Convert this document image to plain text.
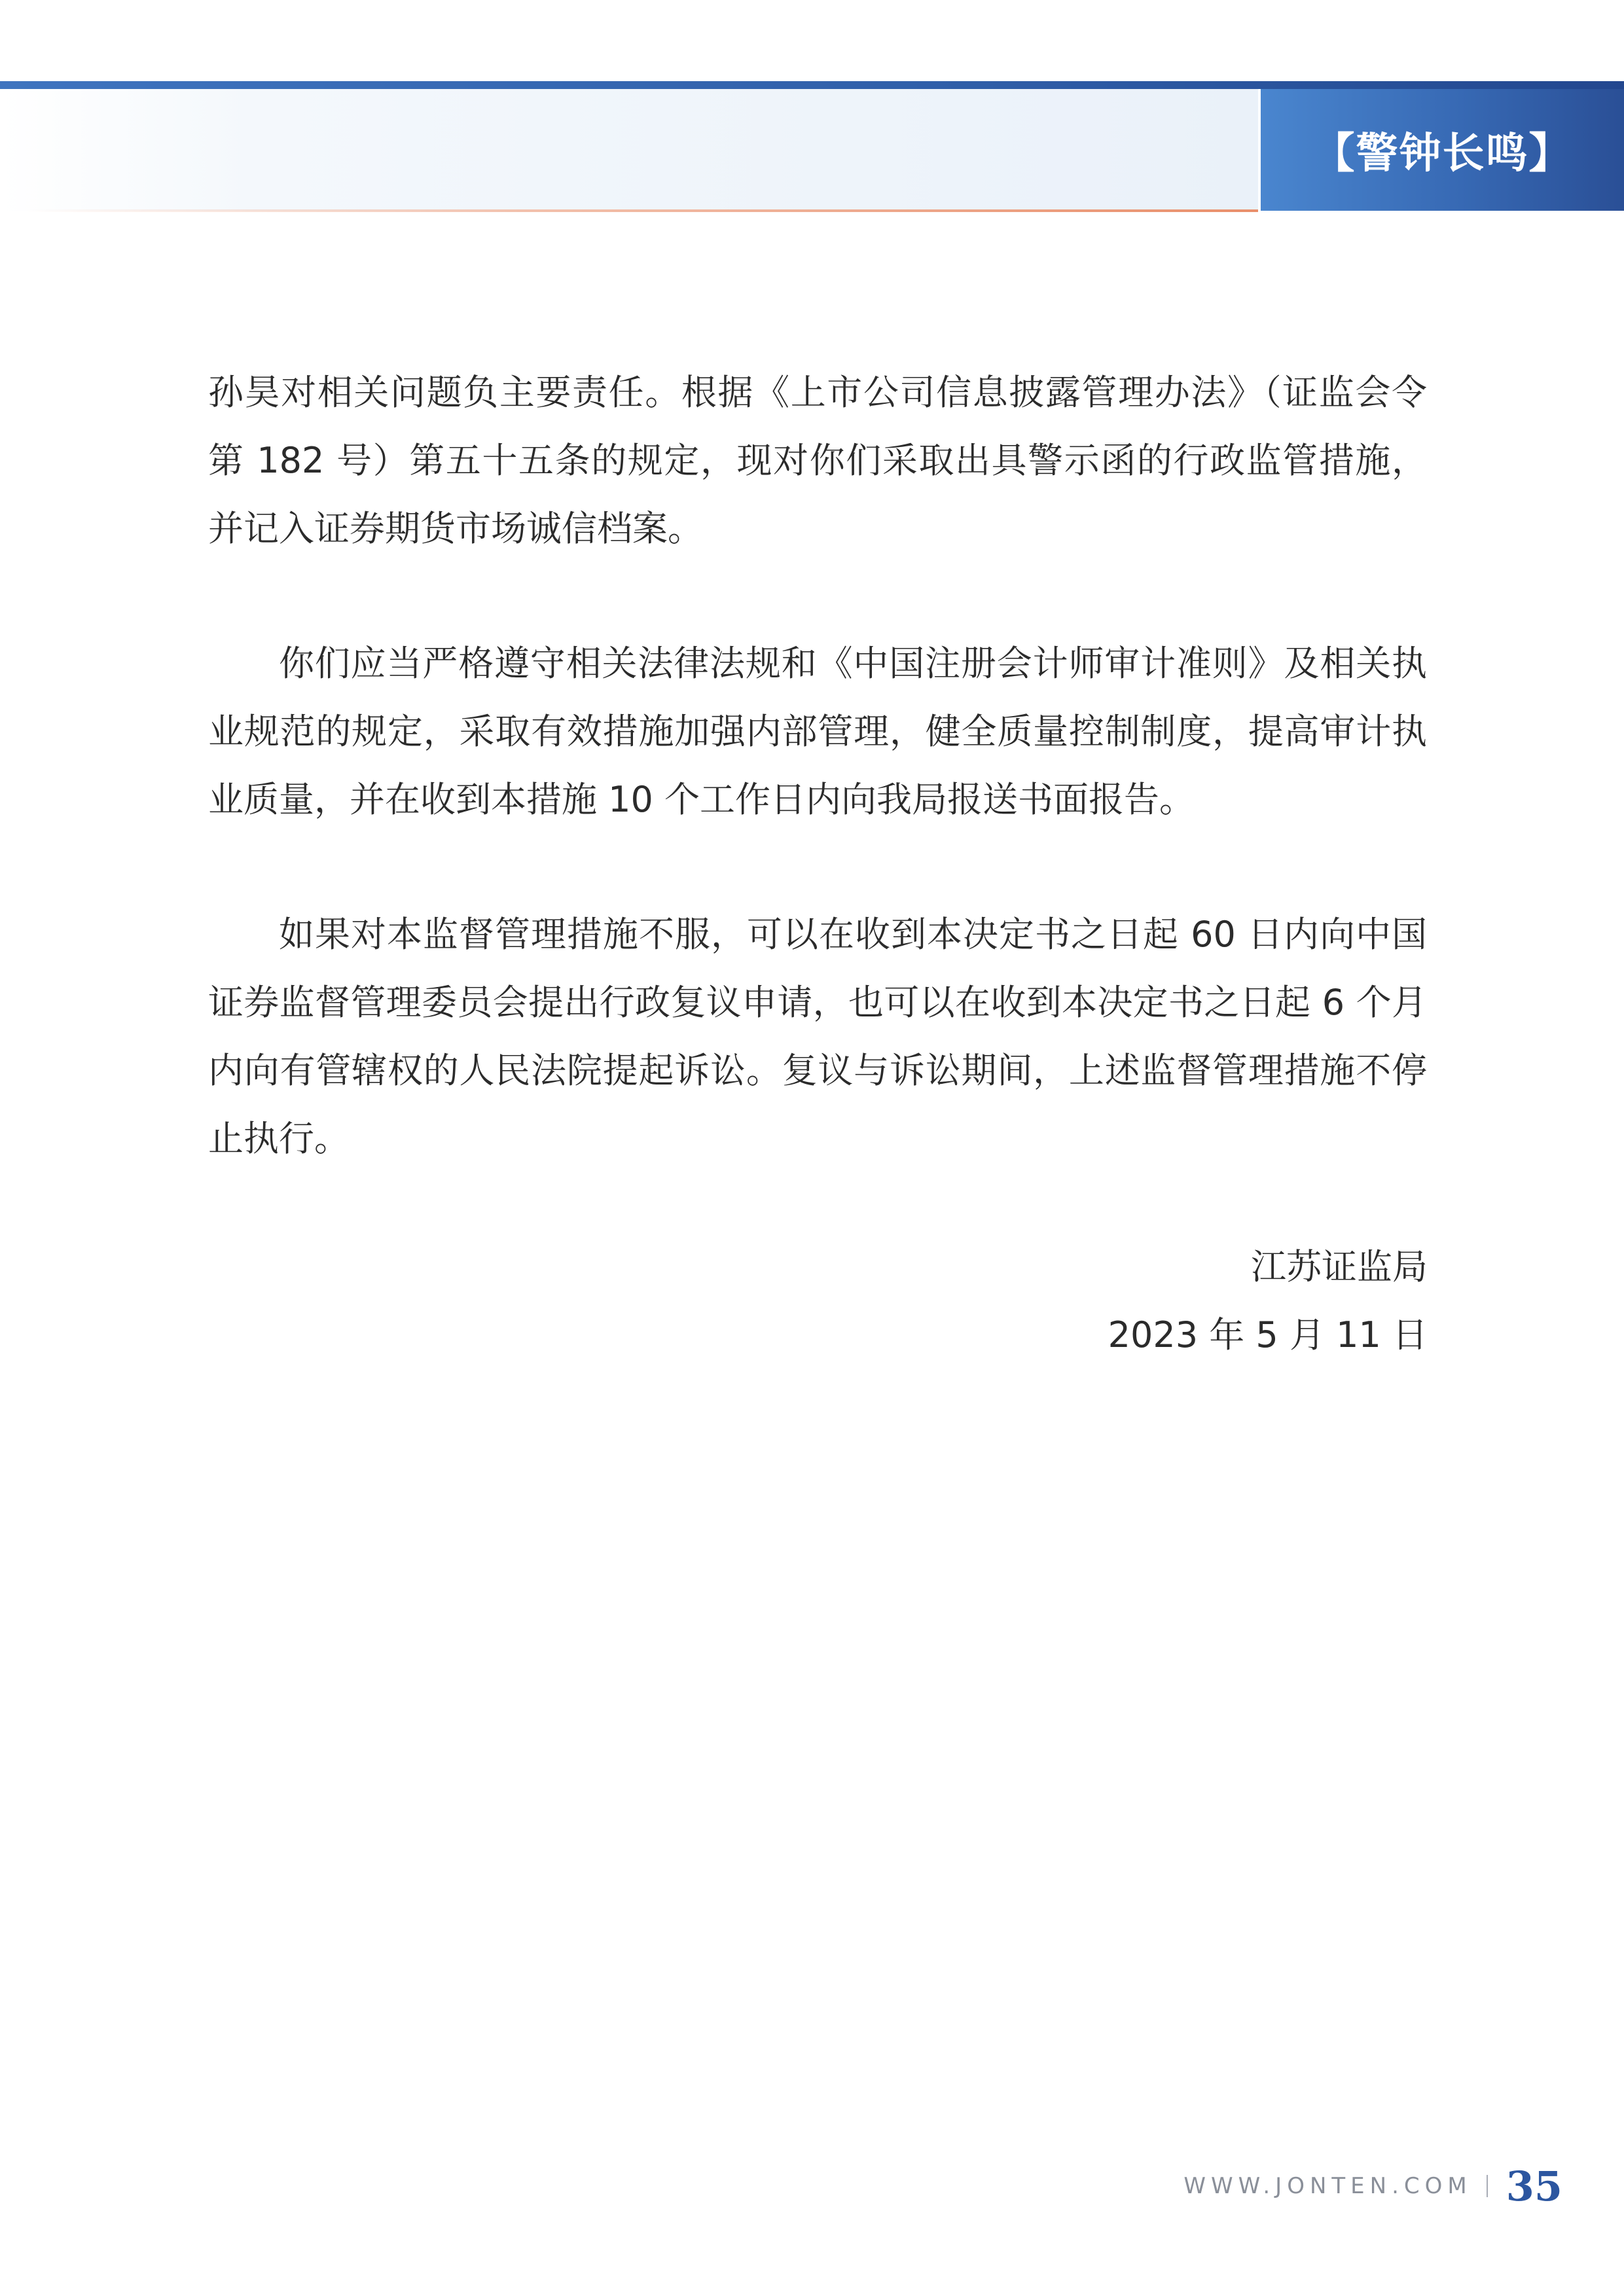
【警钟长鸣】

孙昊对相关问题负主要责任。根据《上市公司信息披露管理办法》（证监会令第 182 号）第五十五条的规定，现对你们采取出具警示函的行政监管措施，并记入证券期货市场诚信档案。

你们应当严格遵守相关法律法规和《中国注册会计师审计准则》及相关执业规范的规定，采取有效措施加强内部管理，健全质量控制制度，提高审计执业质量，并在收到本措施 10 个工作日内向我局报送书面报告。

如果对本监督管理措施不服，可以在收到本决定书之日起 60 日内向中国证券监督管理委员会提出行政复议申请，也可以在收到本决定书之日起 6 个月内向有管辖权的人民法院提起诉讼。复议与诉讼期间，上述监督管理措施不停止执行。

江苏证监局
2023 年 5 月 11 日
WWW.JONTEN.COM 35
